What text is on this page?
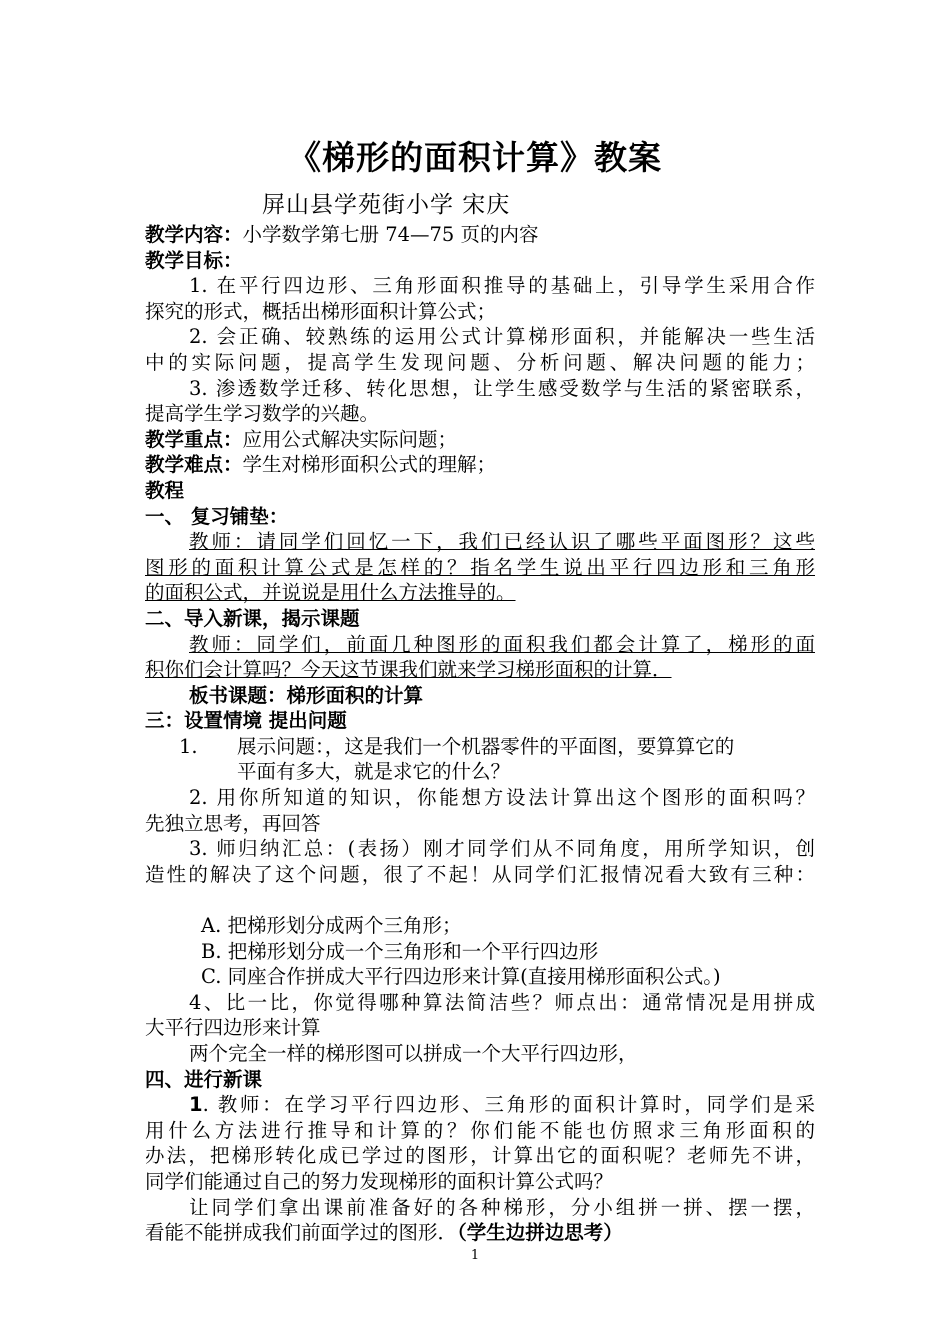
《梯形的面积计算》教案
屏山县学苑街小学 宋庆
教学内容：小学数学第七册 74—75 页的内容
教学目标：
1. 在平行四边形、三角形面积推导的基础上，引导学生采用合作
探究的形式，概括出梯形面积计算公式；
2. 会正确、较熟练的运用公式计算梯形面积，并能解决一些生活
中的实际问题，提高学生发现问题、分析问题、解决问题的能力；
3. 渗透数学迁移、转化思想，让学生感受数学与生活的紧密联系，
提高学生学习数学的兴趣。
教学重点：应用公式解决实际问题；
教学难点：学生对梯形面积公式的理解；
教程
一、 复习铺垫：
教师：请同学们回忆一下，我们已经认识了哪些平面图形？这些
图形的面积计算公式是怎样的？指名学生说出平行四边形和三角形
的面积公式，并说说是用什么方法推导的。
二、导入新课，揭示课题
教师：同学们，前面几种图形的面积我们都会计算了，梯形的面
积你们会计算吗？今天这节课我们就来学习梯形面积的计算．
板书课题：梯形面积的计算
三：设置情境 提出问题
1.	展示问题：，这是我们一个机器零件的平面图，要算算它的
平面有多大，就是求它的什么？
2. 用你所知道的知识，你能想方设法计算出这个图形的面积吗？
先独立思考，再回答
3. 师归纳汇总：(表扬）刚才同学们从不同角度，用所学知识，创
造性的解决了这个问题，很了不起！从同学们汇报情况看大致有三种：
A. 把梯形划分成两个三角形；
B. 把梯形划分成一个三角形和一个平行四边形
C. 同座合作拼成大平行四边形来计算(直接用梯形面积公式。)
4、比一比，你觉得哪种算法简洁些？师点出：通常情况是用拼成
大平行四边形来计算
两个完全一样的梯形图可以拼成一个大平行四边形，
四、进行新课
1. 教师：在学习平行四边形、三角形的面积计算时，同学们是采
用什么方法进行推导和计算的？你们能不能也仿照求三角形面积的
办法，把梯形转化成已学过的图形，计算出它的面积呢？老师先不讲，
同学们能通过自己的努力发现梯形的面积计算公式吗？
让同学们拿出课前准备好的各种梯形，分小组拼一拼、摆一摆，
看能不能拼成我们前面学过的图形．（学生边拼边思考）
1
